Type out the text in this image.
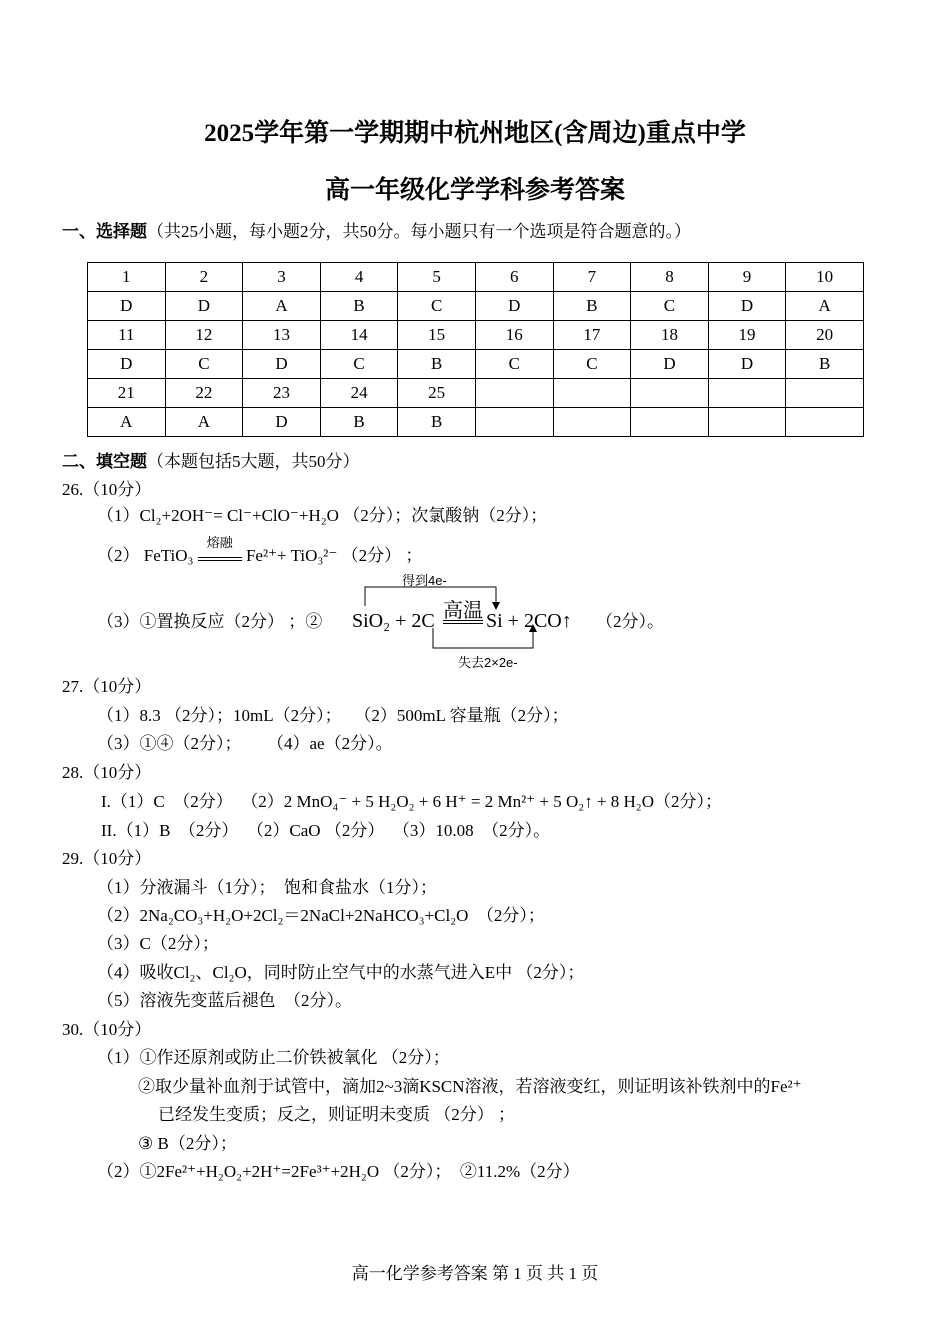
2025学年第一学期期中杭州地区(含周边)重点中学
高一年级化学学科参考答案
一、选择题（共25小题，每小题2分，共50分。每小题只有一个选项是符合题意的。）
1	2	3	4	5	6	7	8	9	10
D	D	A	B	C	D	B	C	D	A
11	12	13	14	15	16	17	18	19	20
D	C	D	C	B	C	C	D	D	B
21	22	23	24	25					
A	A	D	B	B					
二、填空题（本题包括5大题，共50分）
26.（10分）
（1）Cl₂+2OH⁻= Cl⁻+ClO⁻+H₂O （2分）；次氯酸钠（2分）；
（2） FeTiO₃
熔融
Fe²⁺+ TiO₃²⁻ （2分） ；
（3）①置换反应（2分） ；②
得到4e-
SiO₂ + 2C 高温 Si + 2CO↑
失去2×2e-
（2分）。
27.（10分）
（1）8.3 （2分）；10mL（2分）；   （2）500mL 容量瓶（2分）；
（3）①④（2分）；      （4）ae（2分）。
28.（10分）
I.（1）C  （2分）  （2）2 MnO₄⁻ + 5 H₂O₂ + 6 H⁺ = 2 Mn²⁺ + 5 O₂↑ + 8 H₂O（2分）；
II.（1）B  （2分）  （2）CaO （2分）  （3）10.08  （2分）。
29.（10分）
（1）分液漏斗（1分）；  饱和食盐水（1分）；
（2）2Na₂CO₃+H₂O+2Cl₂＝2NaCl+2NaHCO₃+Cl₂O  （2分）；
（3）C（2分）；
（4）吸收Cl₂、Cl₂O，同时防止空气中的水蒸气进入E中 （2分）；
（5）溶液先变蓝后褪色  （2分）。
30.（10分）
（1）①作还原剂或防止二价铁被氧化 （2分）；
②取少量补血剂于试管中，滴加2~3滴KSCN溶液，若溶液变红，则证明该补铁剂中的Fe²⁺
已经发生变质；反之，则证明未变质 （2分） ；
③ B（2分）；
（2）①2Fe²⁺+H₂O₂+2H⁺=2Fe³⁺+2H₂O （2分）；  ②11.2%（2分）
高一化学参考答案 第 1 页 共 1 页
